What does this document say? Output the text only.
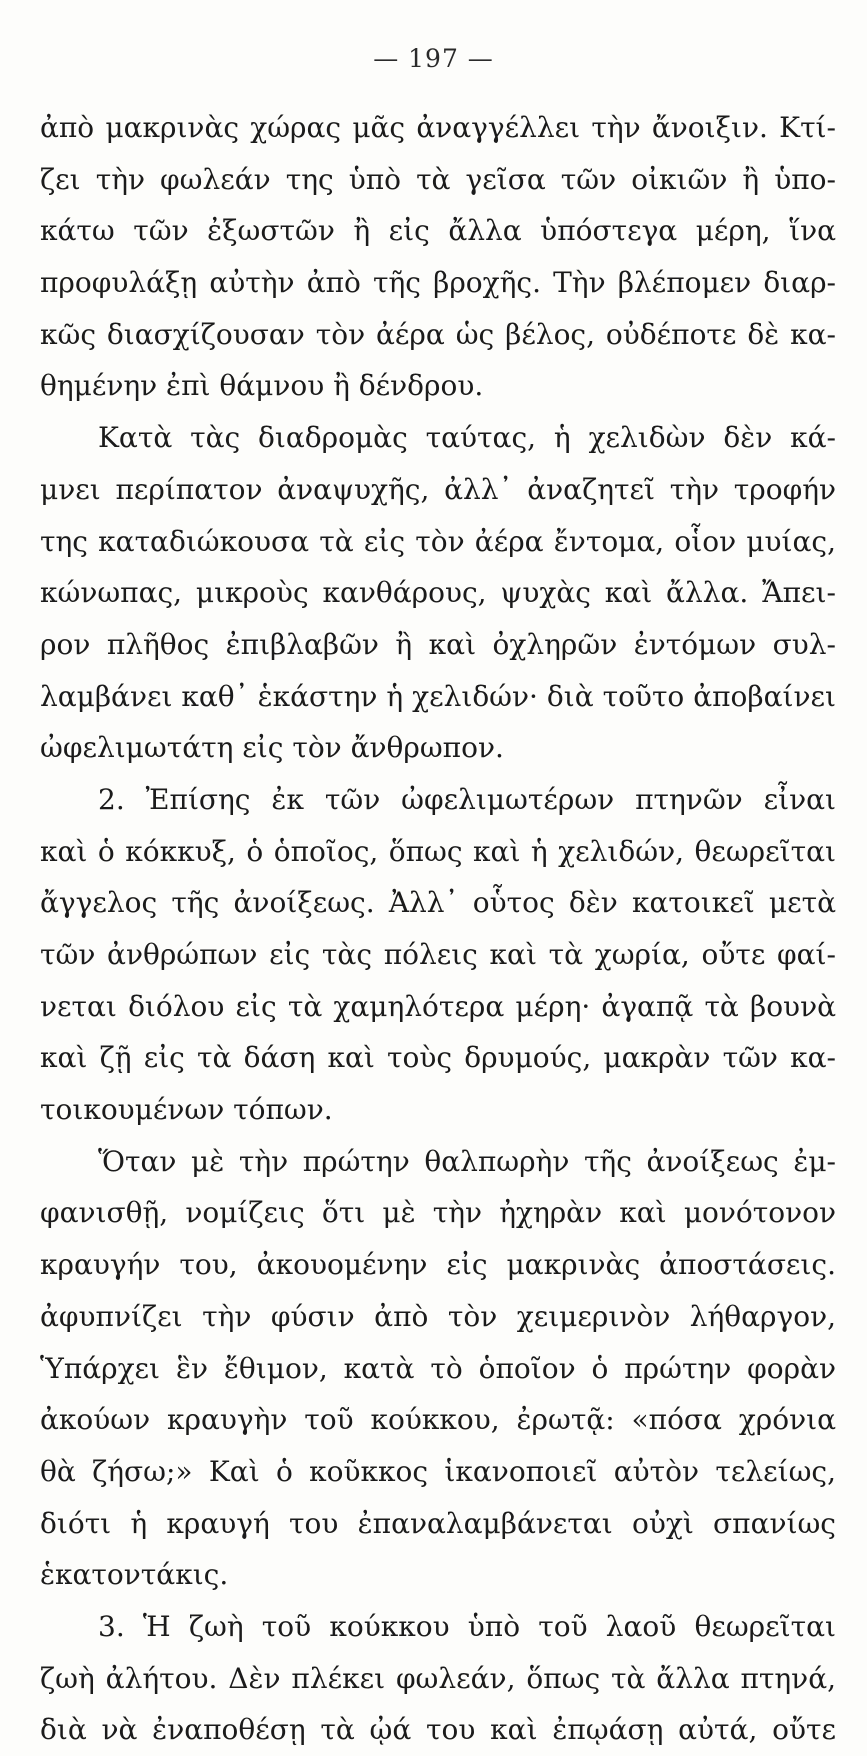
— 197 —
ἀπὸ μακρινὰς χώρας μᾶς ἀναγγέλλει τὴν ἄνοιξιν. Κτί-
ζει τὴν φωλεάν της ὑπὸ τὰ γεῖσα τῶν οἰκιῶν ἢ ὑπο-
κάτω τῶν ἐξωστῶν ἢ εἰς ἄλλα ὑπόστεγα μέρη, ἵνα
προφυλάξῃ αὐτὴν ἀπὸ τῆς βροχῆς. Τὴν βλέπομεν διαρ-
κῶς διασχίζουσαν τὸν ἀέρα ὡς βέλος, οὐδέποτε δὲ κα-
θημένην ἐπὶ θάμνου ἢ δένδρου.
Κατὰ τὰς διαδρομὰς ταύτας, ἡ χελιδὼν δὲν κά-
μνει περίπατον ἀναψυχῆς, ἀλλ᾽ ἀναζητεῖ τὴν τροφήν
της καταδιώκουσα τὰ εἰς τὸν ἀέρα ἔντομα, οἷον μυίας,
κώνωπας, μικροὺς κανθάρους, ψυχὰς καὶ ἄλλα. Ἄπει-
ρον πλῆθος ἐπιβλαβῶν ἢ καὶ ὀχληρῶν ἐντόμων συλ-
λαμβάνει καθ᾽ ἑκάστην ἡ χελιδών· διὰ τοῦτο ἀποβαίνει
ὠφελιμωτάτη εἰς τὸν ἄνθρωπον.
2. Ἐπίσης ἐκ τῶν ὠφελιμωτέρων πτηνῶν εἶναι
καὶ ὁ κόκκυξ, ὁ ὁποῖος, ὅπως καὶ ἡ χελιδών, θεωρεῖται
ἄγγελος τῆς ἀνοίξεως. Ἀλλ᾽ οὗτος δὲν κατοικεῖ μετὰ
τῶν ἀνθρώπων εἰς τὰς πόλεις καὶ τὰ χωρία, οὔτε φαί-
νεται διόλου εἰς τὰ χαμηλότερα μέρη· ἀγαπᾷ τὰ βουνὰ
καὶ ζῇ εἰς τὰ δάση καὶ τοὺς δρυμούς, μακρὰν τῶν κα-
τοικουμένων τόπων.
Ὅταν μὲ τὴν πρώτην θαλπωρὴν τῆς ἀνοίξεως ἐμ-
φανισθῇ, νομίζεις ὅτι μὲ τὴν ἠχηρὰν καὶ μονότονον
κραυγήν του, ἀκουομένην εἰς μακρινὰς ἀποστάσεις.
ἀφυπνίζει τὴν φύσιν ἀπὸ τὸν χειμερινὸν λήθαργον,
Ὑπάρχει ἓν ἔθιμον, κατὰ τὸ ὁποῖον ὁ πρώτην φορὰν
ἀκούων κραυγὴν τοῦ κούκκου, ἐρωτᾷ: «πόσα χρόνια
θὰ ζήσω;» Καὶ ὁ κοῦκκος ἱκανοποιεῖ αὐτὸν τελείως,
διότι ἡ κραυγή του ἐπαναλαμβάνεται οὐχὶ σπανίως
ἑκατοντάκις.
3. Ἡ ζωὴ τοῦ κούκκου ὑπὸ τοῦ λαοῦ θεωρεῖται
ζωὴ ἀλήτου. Δὲν πλέκει φωλεάν, ὅπως τὰ ἄλλα πτηνά,
διὰ νὰ ἐναποθέσῃ τὰ ᾠά του καὶ ἐπῳάσῃ αὐτά, οὔτε
